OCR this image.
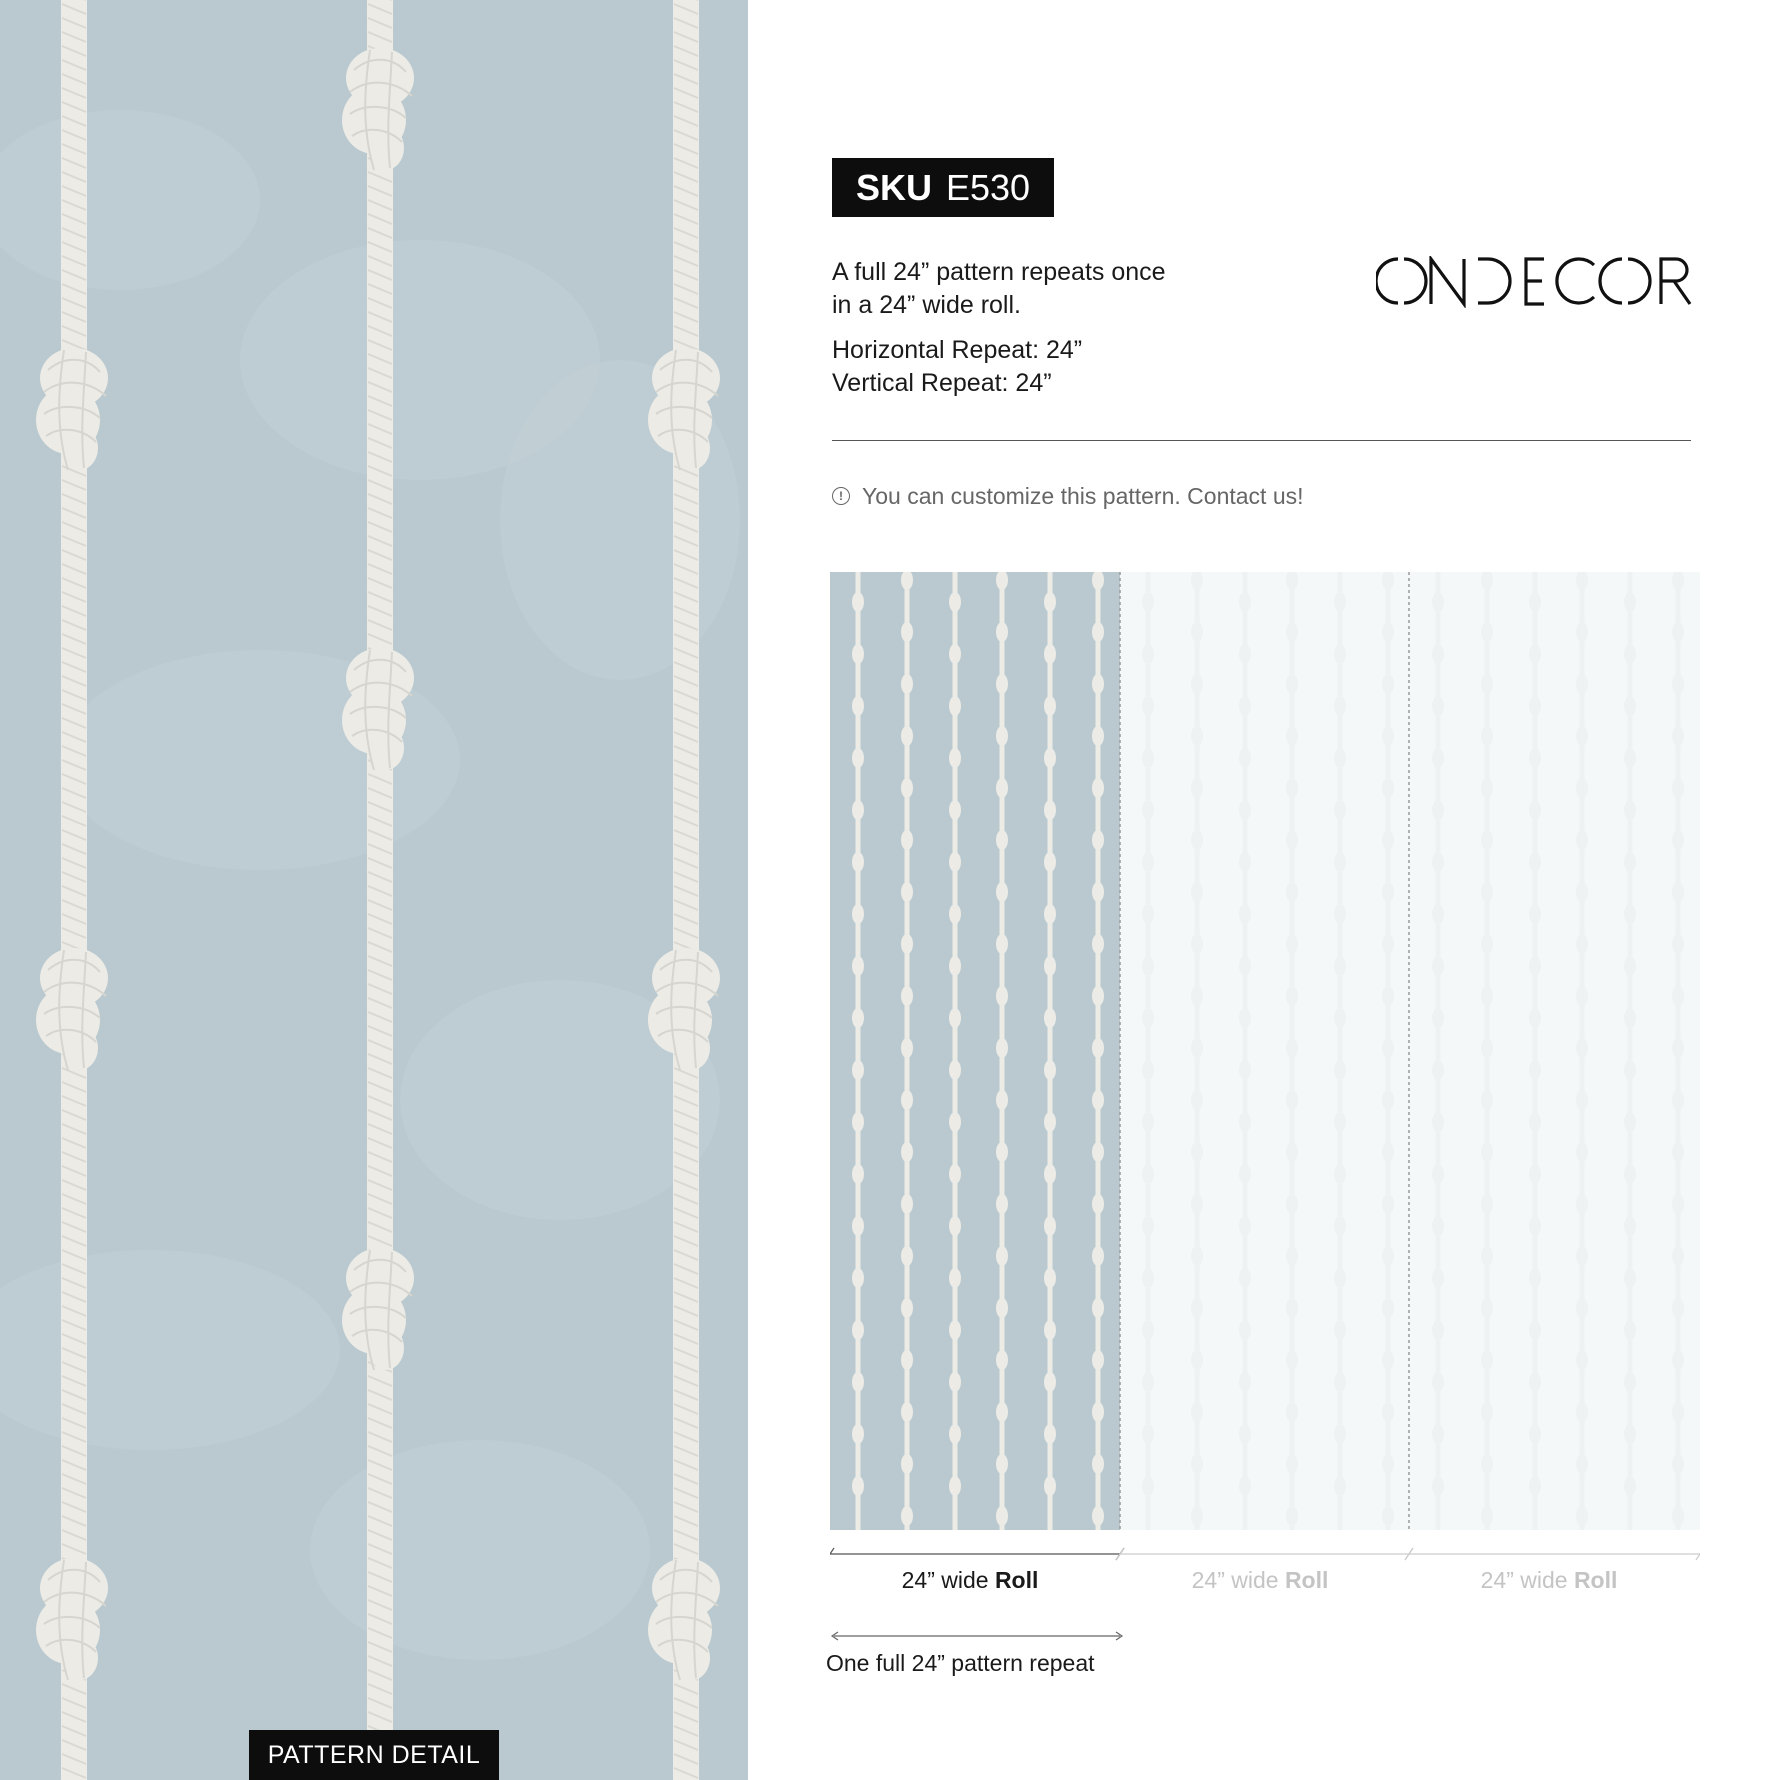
PATTERN DETAIL
SKU E530
A full 24” pattern repeats once
in a 24” wide roll.
Horizontal Repeat: 24”
Vertical Repeat: 24”
! You can customize this pattern. Contact us!
24” wide Roll	24” wide Roll	24” wide Roll
One full 24” pattern repeat
